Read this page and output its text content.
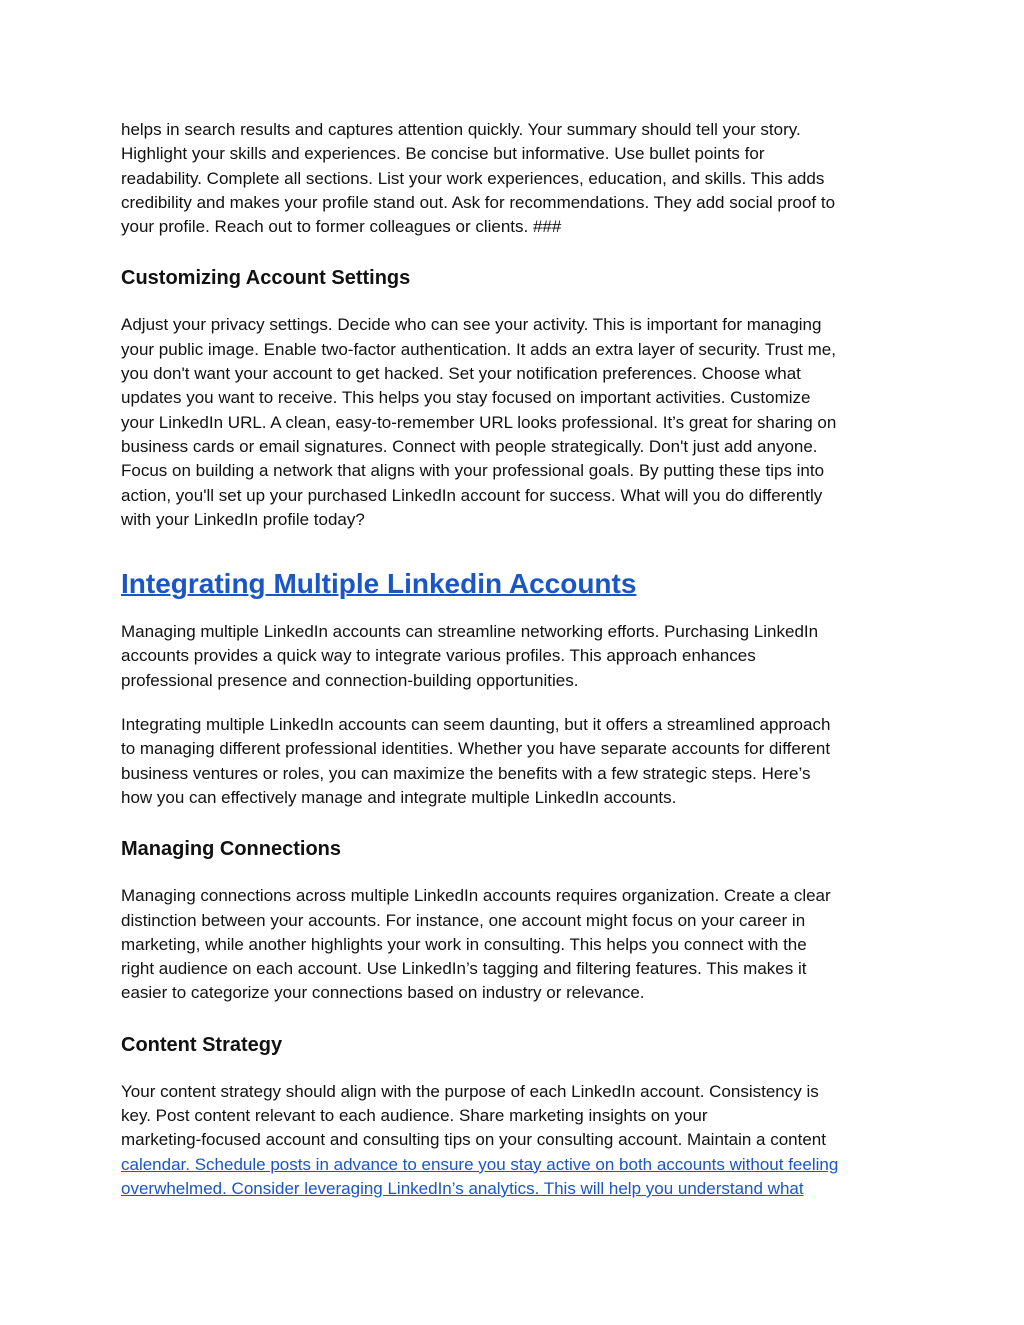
helps in search results and captures attention quickly. Your summary should tell your story.
Highlight your skills and experiences. Be concise but informative. Use bullet points for
readability. Complete all sections. List your work experiences, education, and skills. This adds
credibility and makes your profile stand out. Ask for recommendations. They add social proof to
your profile. Reach out to former colleagues or clients. ###

Customizing Account Settings

Adjust your privacy settings. Decide who can see your activity. This is important for managing
your public image. Enable two-factor authentication. It adds an extra layer of security. Trust me,
you don't want your account to get hacked. Set your notification preferences. Choose what
updates you want to receive. This helps you stay focused on important activities. Customize
your LinkedIn URL. A clean, easy-to-remember URL looks professional. It’s great for sharing on
business cards or email signatures. Connect with people strategically. Don't just add anyone.
Focus on building a network that aligns with your professional goals. By putting these tips into
action, you'll set up your purchased LinkedIn account for success. What will you do differently
with your LinkedIn profile today?

Integrating Multiple Linkedin Accounts

Managing multiple LinkedIn accounts can streamline networking efforts. Purchasing LinkedIn
accounts provides a quick way to integrate various profiles. This approach enhances
professional presence and connection-building opportunities.

Integrating multiple LinkedIn accounts can seem daunting, but it offers a streamlined approach
to managing different professional identities. Whether you have separate accounts for different
business ventures or roles, you can maximize the benefits with a few strategic steps. Here’s
how you can effectively manage and integrate multiple LinkedIn accounts.

Managing Connections

Managing connections across multiple LinkedIn accounts requires organization. Create a clear
distinction between your accounts. For instance, one account might focus on your career in
marketing, while another highlights your work in consulting. This helps you connect with the
right audience on each account. Use LinkedIn’s tagging and filtering features. This makes it
easier to categorize your connections based on industry or relevance.

Content Strategy

Your content strategy should align with the purpose of each LinkedIn account. Consistency is
key. Post content relevant to each audience. Share marketing insights on your
marketing-focused account and consulting tips on your consulting account. Maintain a content
calendar. Schedule posts in advance to ensure you stay active on both accounts without feeling
overwhelmed. Consider leveraging LinkedIn’s analytics. This will help you understand what
